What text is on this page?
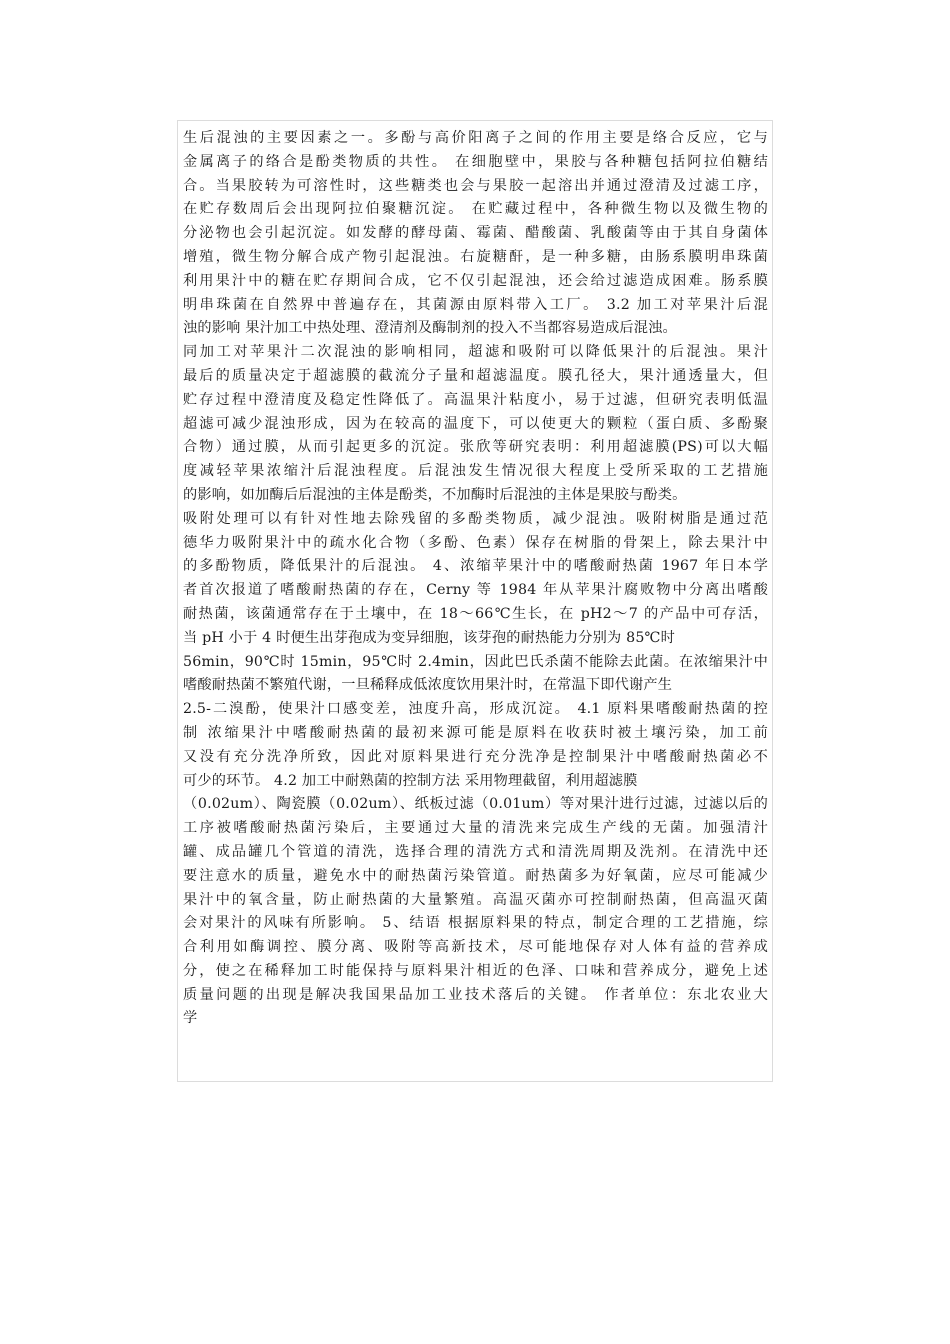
生后混浊的主要因素之一。多酚与高价阳离子之间的作用主要是络合反应，它与
金属离子的络合是酚类物质的共性。 在细胞壁中，果胶与各种糖包括阿拉伯糖结
合。当果胶转为可溶性时，这些糖类也会与果胶一起溶出并通过澄清及过滤工序，
在贮存数周后会出现阿拉伯聚糖沉淀。 在贮藏过程中，各种微生物以及微生物的
分泌物也会引起沉淀。如发酵的酵母菌、霉菌、醋酸菌、乳酸菌等由于其自身菌体
增殖，微生物分解合成产物引起混浊。右旋糖酐，是一种多糖，由肠系膜明串珠菌
利用果汁中的糖在贮存期间合成，它不仅引起混浊，还会给过滤造成困难。肠系膜
明串珠菌在自然界中普遍存在，其菌源由原料带入工厂。 3.2 加工对苹果汁后混
浊的影响 果汁加工中热处理、澄清剂及酶制剂的投入不当都容易造成后混浊。
同加工对苹果汁二次混浊的影响相同，超滤和吸附可以降低果汁的后混浊。果汁
最后的质量决定于超滤膜的截流分子量和超滤温度。膜孔径大，果汁通透量大，但
贮存过程中澄清度及稳定性降低了。高温果汁粘度小，易于过滤，但研究表明低温
超滤可减少混浊形成，因为在较高的温度下，可以使更大的颗粒（蛋白质、多酚聚
合物）通过膜，从而引起更多的沉淀。张欣等研究表明：利用超滤膜(PS)可以大幅
度减轻苹果浓缩汁后混浊程度。后混浊发生情况很大程度上受所采取的工艺措施
的影响，如加酶后后混浊的主体是酚类，不加酶时后混浊的主体是果胶与酚类。
吸附处理可以有针对性地去除残留的多酚类物质，减少混浊。吸附树脂是通过范
德华力吸附果汁中的疏水化合物（多酚、色素）保存在树脂的骨架上，除去果汁中
的多酚物质，降低果汁的后混浊。 4、浓缩苹果汁中的嗜酸耐热菌 1967 年日本学
者首次报道了嗜酸耐热菌的存在，Cerny 等 1984 年从苹果汁腐败物中分离出嗜酸
耐热菌，该菌通常存在于土壤中，在 18～66℃生长，在 pH2～7 的产品中可存活，
当 pH 小于 4 时便生出芽孢成为变异细胞，该芽孢的耐热能力分别为 85℃时
56min，90℃时 15min，95℃时 2.4min，因此巴氏杀菌不能除去此菌。在浓缩果汁中
嗜酸耐热菌不繁殖代谢，一旦稀释成低浓度饮用果汁时，在常温下即代谢产生
2.5-二溴酚，使果汁口感变差，浊度升高，形成沉淀。 4.1 原料果嗜酸耐热菌的控
制 浓缩果汁中嗜酸耐热菌的最初来源可能是原料在收获时被土壤污染，加工前
又没有充分洗净所致，因此对原料果进行充分洗净是控制果汁中嗜酸耐热菌必不
可少的环节。 4.2 加工中耐熟菌的控制方法 采用物理截留，利用超滤膜
（0.02um）、陶瓷膜（0.02um）、纸板过滤（0.01um）等对果汁进行过滤，过滤以后的
工序被嗜酸耐热菌污染后，主要通过大量的清洗来完成生产线的无菌。加强清汁
罐、成品罐几个管道的清洗，选择合理的清洗方式和清洗周期及洗剂。在清洗中还
要注意水的质量，避免水中的耐热菌污染管道。耐热菌多为好氧菌，应尽可能减少
果汁中的氧含量，防止耐热菌的大量繁殖。高温灭菌亦可控制耐热菌，但高温灭菌
会对果汁的风味有所影响。 5、结语 根据原料果的特点，制定合理的工艺措施，综
合利用如酶调控、膜分离、吸附等高新技术，尽可能地保存对人体有益的营养成
分，使之在稀释加工时能保持与原料果汁相近的色泽、口味和营养成分，避免上述
质量问题的出现是解决我国果品加工业技术落后的关键。 作者单位：东北农业大
学
